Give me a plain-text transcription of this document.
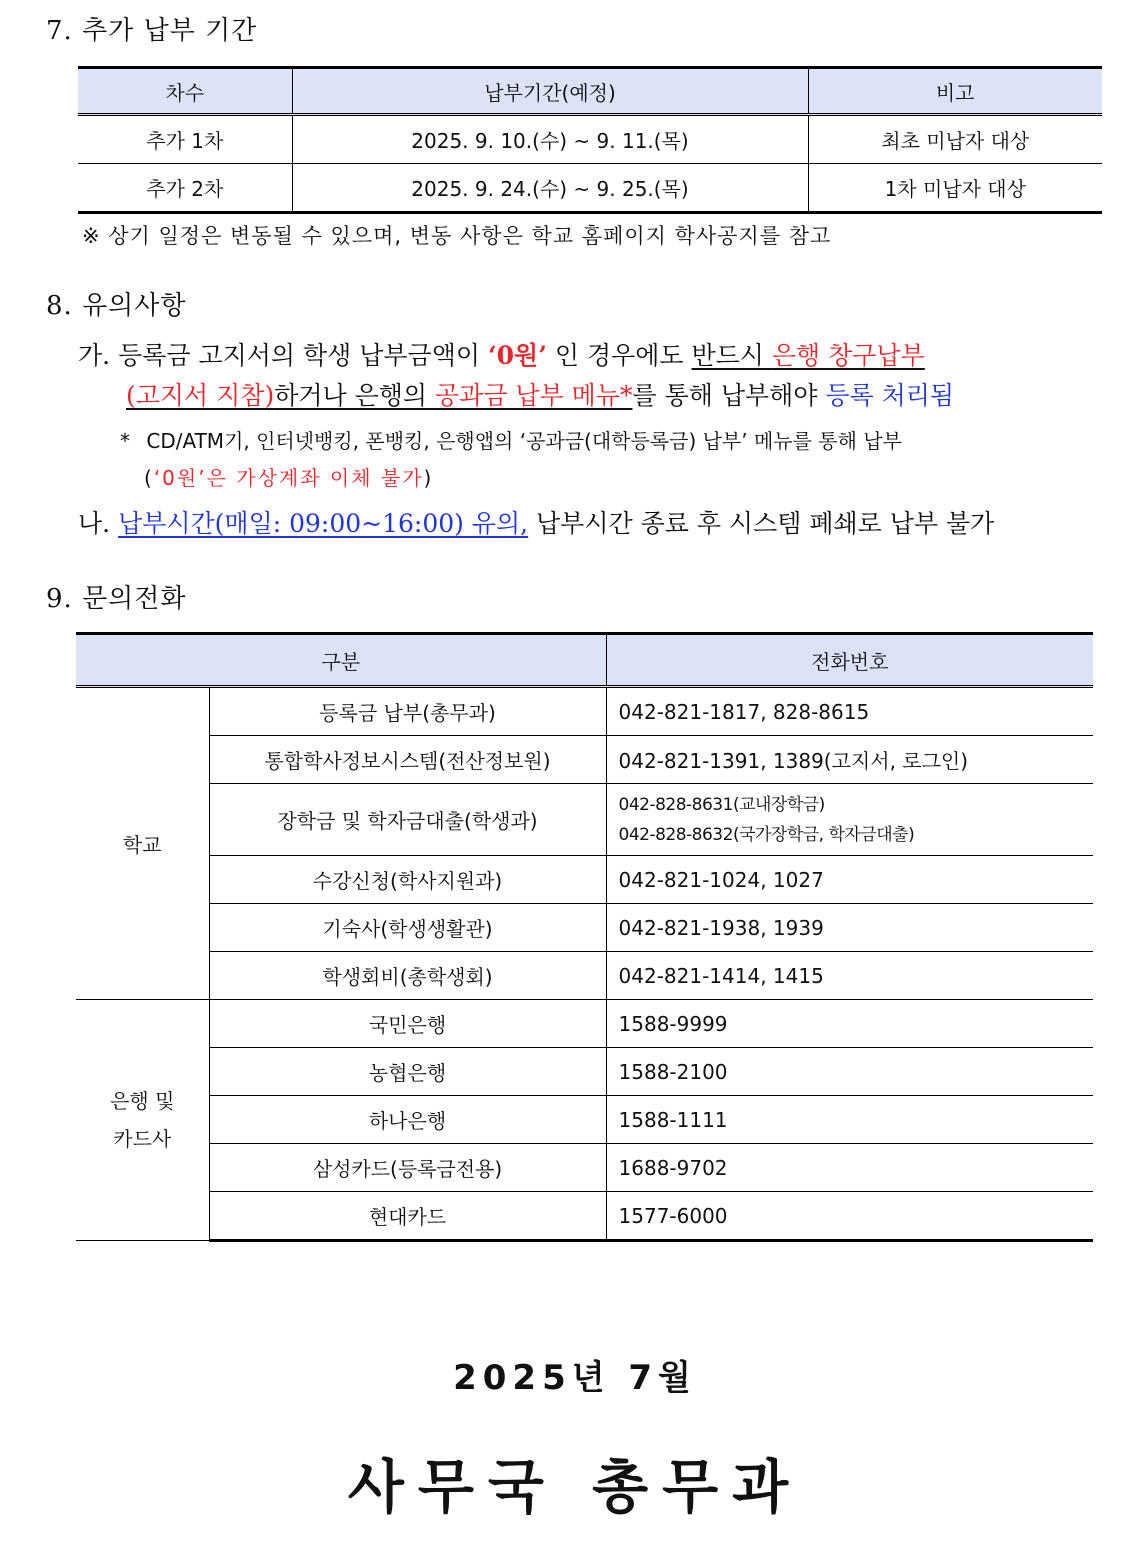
7. 추가 납부 기간
차수	납부기간(예정)	비고
추가 1차	2025. 9. 10.(수) ~ 9. 11.(목)	최초 미납자 대상
추가 2차	2025. 9. 24.(수) ~ 9. 25.(목)	1차 미납자 대상
※ 상기 일정은 변동될 수 있으며, 변동 사항은 학교 홈페이지 학사공지를 참고
8. 유의사항
가. 등록금 고지서의 학생 납부금액이 ‘0원’ 인 경우에도 반드시 은행 창구납부
(고지서 지참)하거나 은행의 공과금 납부 메뉴*를 통해 납부해야 등록 처리됨
* CD/ATM기, 인터넷뱅킹, 폰뱅킹, 은행앱의 ‘공과금(대학등록금) 납부’ 메뉴를 통해 납부
(‘0원’은 가상계좌 이체 불가)
나. 납부시간(매일: 09:00~16:00) 유의, 납부시간 종료 후 시스템 폐쇄로 납부 불가
9. 문의전화
구분		전화번호
학교	등록금 납부(총무과)	042-821-1817, 828-8615
	통합학사정보시스템(전산정보원)	042-821-1391, 1389(고지서, 로그인)
	장학금 및 학자금대출(학생과)	042-828-8631(교내장학금)
042-828-8632(국가장학금, 학자금대출)

	수강신청(학사지원과)	042-821-1024, 1027
	기숙사(학생생활관)	042-821-1938, 1939
	학생회비(총학생회)	042-821-1414, 1415

은행 및
카드사	국민은행	1588-9999
	농협은행	1588-2100
	하나은행	1588-1111
	삼성카드(등록금전용)	1688-9702
	현대카드	1577-6000
2025년 7월
사무국 총무과
